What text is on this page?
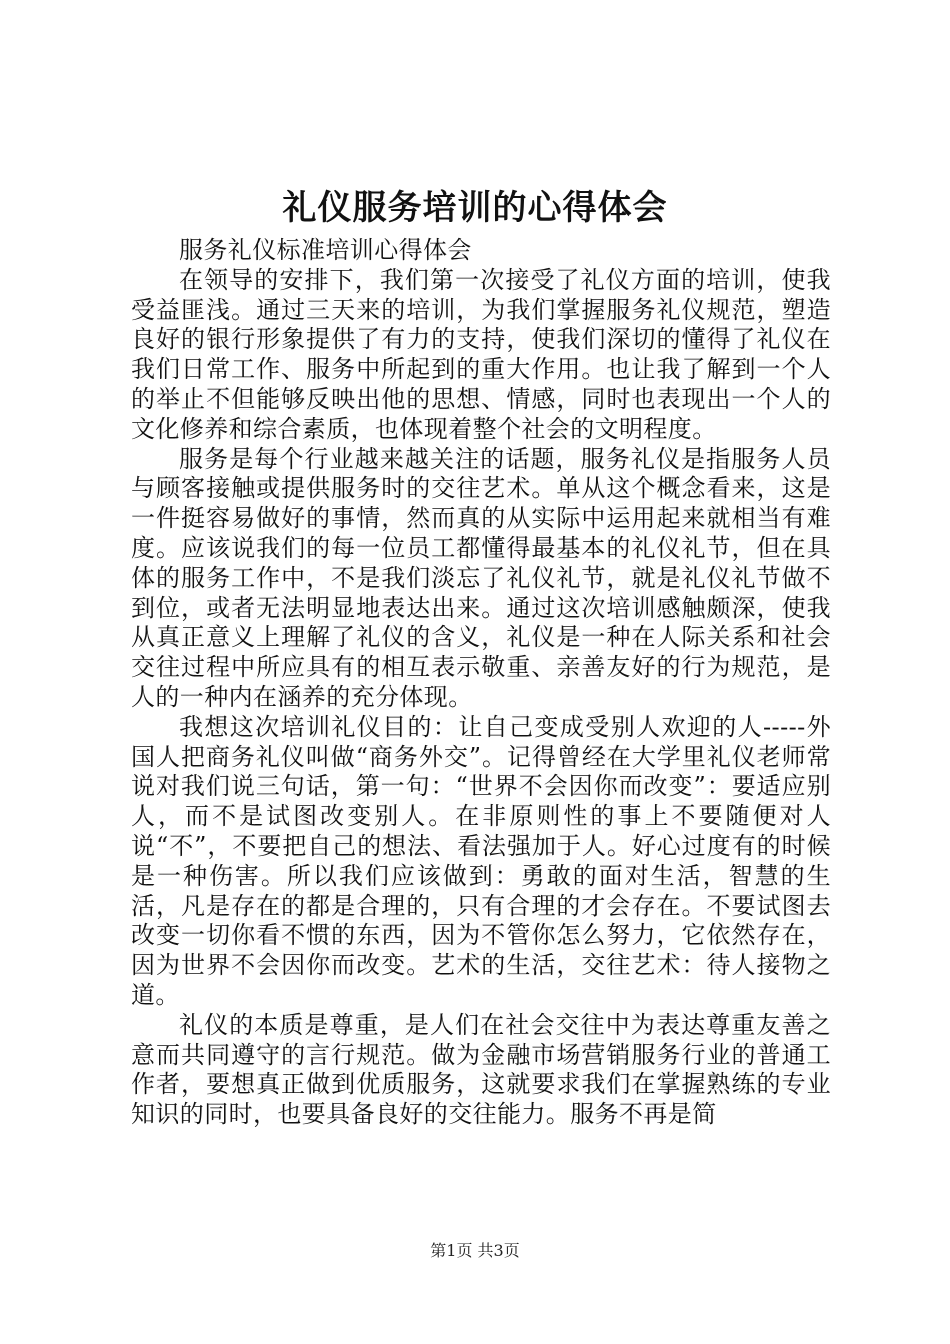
礼仪服务培训的心得体会

服务礼仪标准培训心得体会

在领导的安排下，我们第一次接受了礼仪方面的培训，使我受益匪浅。通过三天来的培训，为我们掌握服务礼仪规范，塑造良好的银行形象提供了有力的支持，使我们深切的懂得了礼仪在我们日常工作、服务中所起到的重大作用。也让我了解到一个人的举止不但能够反映出他的思想、情感，同时也表现出一个人的文化修养和综合素质，也体现着整个社会的文明程度。

服务是每个行业越来越关注的话题，服务礼仪是指服务人员与顾客接触或提供服务时的交往艺术。单从这个概念看来，这是一件挺容易做好的事情，然而真的从实际中运用起来就相当有难度。应该说我们的每一位员工都懂得最基本的礼仪礼节，但在具体的服务工作中，不是我们淡忘了礼仪礼节，就是礼仪礼节做不到位，或者无法明显地表达出来。通过这次培训感触颇深，使我从真正意义上理解了礼仪的含义，礼仪是一种在人际关系和社会交往过程中所应具有的相互表示敬重、亲善友好的行为规范，是人的一种内在涵养的充分体现。

我想这次培训礼仪目的：让自己变成受别人欢迎的人-----外国人把商务礼仪叫做“商务外交”。记得曾经在大学里礼仪老师常说对我们说三句话，第一句：“世界不会因你而改变”：要适应别人，而不是试图改变别人。在非原则性的事上不要随便对人说“不”，不要把自己的想法、看法强加于人。好心过度有的时候是一种伤害。所以我们应该做到：勇敢的面对生活，智慧的生活，凡是存在的都是合理的，只有合理的才会存在。不要试图去改变一切你看不惯的东西，因为不管你怎么努力，它依然存在，因为世界不会因你而改变。艺术的生活，交往艺术：待人接物之道。

礼仪的本质是尊重，是人们在社会交往中为表达尊重友善之意而共同遵守的言行规范。做为金融市场营销服务行业的普通工作者，要想真正做到优质服务，这就要求我们在掌握熟练的专业知识的同时，也要具备良好的交往能力。服务不再是简

第1页 共3页
